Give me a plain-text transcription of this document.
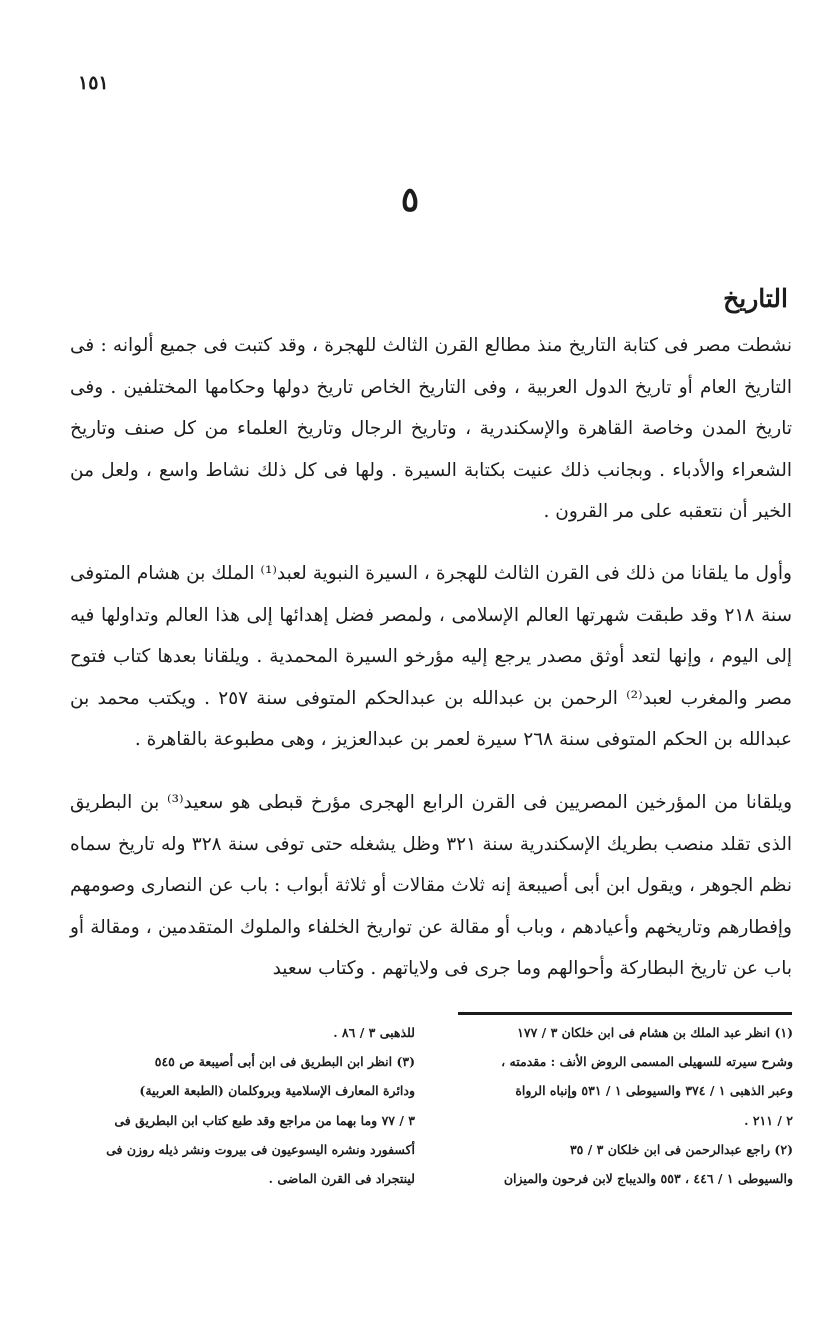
١٥١
٥
التاريخ

نشطت مصر فى كتابة التاريخ منذ مطالع القرن الثالث للهجرة ، وقد كتبت فى جميع ألوانه : فى التاريخ العام أو تاريخ الدول العربية ، وفى التاريخ الخاص تاريخ دولها وحكامها المختلفين . وفى تاريخ المدن وخاصة القاهرة والإسكندرية ، وتاريخ الرجال وتاريخ العلماء من كل صنف وتاريخ الشعراء والأدباء . وبجانب ذلك عنيت بكتابة السيرة . ولها فى كل ذلك نشاط واسع ، ولعل من الخير أن نتعقبه على مر القرون .

وأول ما يلقانا من ذلك فى القرن الثالث للهجرة ، السيرة النبوية لعبد⁽¹⁾ الملك بن هشام المتوفى سنة ٢١٨ وقد طبقت شهرتها العالم الإسلامى ، ولمصر فضل إهدائها إلى هذا العالم وتداولها فيه إلى اليوم ، وإنها لتعد أوثق مصدر يرجع إليه مؤرخو السيرة المحمدية . ويلقانا بعدها كتاب فتوح مصر والمغرب لعبد⁽²⁾ الرحمن بن عبدالله بن عبدالحكم المتوفى سنة ٢٥٧ . ويكتب محمد بن عبدالله بن الحكم المتوفى سنة ٢٦٨ سيرة لعمر بن عبدالعزيز ، وهى مطبوعة بالقاهرة .

ويلقانا من المؤرخين المصريين فى القرن الرابع الهجرى مؤرخ قبطى هو سعيد⁽³⁾ بن البطريق الذى تقلد منصب بطريك الإسكندرية سنة ٣٢١ وظل يشغله حتى توفى سنة ٣٢٨ وله تاريخ سماه نظم الجوهر ، ويقول ابن أبى أصيبعة إنه ثلاث مقالات أو ثلاثة أبواب : باب عن النصارى وصومهم وإفطارهم وتاريخهم وأعيادهم ، وباب أو مقالة عن تواريخ الخلفاء والملوك المتقدمين ، ومقالة أو باب عن تاريخ البطاركة وأحوالهم وما جرى فى ولاياتهم . وكتاب سعيد

(١) انظر عبد الملك بن هشام فى ابن خلكان ٣ / ١٧٧
وشرح سيرته للسهيلى المسمى الروض الأنف : مقدمته ،
وعبر الذهبى ١ / ٣٧٤ والسيوطى ١ / ٥٣١ وإنباه الرواة
٢ / ٢١١ .
(٢) راجع عبدالرحمن فى ابن خلكان ٣ / ٣٥
والسيوطى ١ / ٤٤٦ ، ٥٥٣ والديباج لابن فرحون والميزان
للذهبى ٣ / ٨٦ .
(٣) انظر ابن البطريق فى ابن أبى أصيبعة ص ٥٤٥
ودائرة المعارف الإسلامية وبروكلمان (الطبعة العربية)
٣ / ٧٧ وما بهما من مراجع وقد طبع كتاب ابن البطريق فى
أكسفورد ونشره اليسوعيون فى بيروت ونشر ذيله روزن فى
لينتجراد فى القرن الماضى .
